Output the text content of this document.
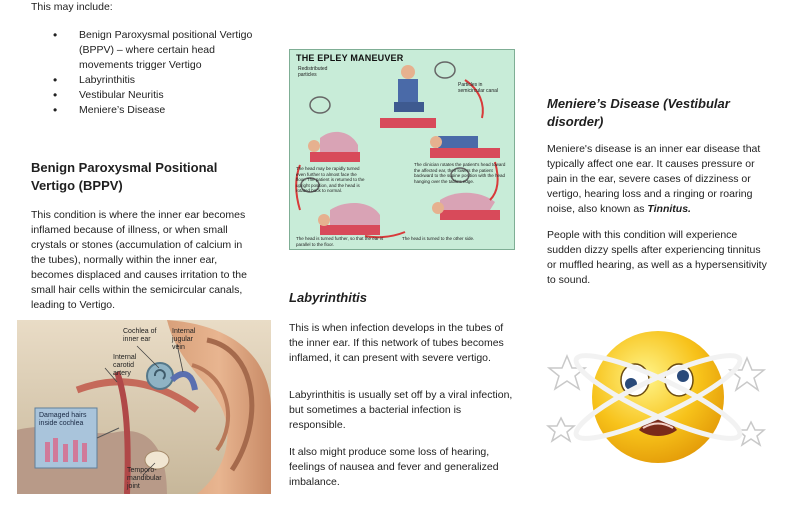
This may include:

• Benign Paroxysmal positional Vertigo (BPPV) – where certain head movements trigger Vertigo
• Labyrinthitis
• Vestibular Neuritis
• Meniere’s Disease
Benign Paroxysmal Positional Vertigo (BPPV)

This condition is where the inner ear becomes inflamed because of illness, or when small crystals or stones (accumulation of calcium in the tubes), normally within the inner ear, becomes displaced and causes irritation to the small hair cells within the semicircular canals, leading to Vertigo.

Cochlea of inner ear
Internal jugular vein
Internal carotid artery
Damaged hairs inside cochlea
Temporo- mandibular joint
THE EPLEY MANEUVER
Redistributed particles
Particles in semicircular canal
The head may be rapidly turned even further to almost face the floor. The patient is returned to the upright position, and the head is rotated back to normal.
The clinician rotates the patient's head toward the affected ear, then lowers the patient backward to the supine position with the head hanging over the table's edge.
The head is turned further, so that the ear is parallel to the floor.
The head is turned to the other side.
Labyrinthitis

This is when infection develops in the tubes of the inner ear. If this network of tubes becomes inflamed, it can present with severe vertigo.

Labyrinthitis is usually set off by a viral infection, but sometimes a bacterial infection is responsible.

It also might produce some loss of hearing, feelings of nausea and fever and generalized imbalance.

Meniere’s Disease (Vestibular disorder)

Meniere's disease is an inner ear disease that typically affect one ear. It causes pressure or pain in the ear, severe cases of dizziness or vertigo, hearing loss and a ringing or roaring noise, also known as Tinnitus.

People with this condition will experience sudden dizzy spells after experiencing tinnitus or muffled hearing, as well as a hypersensitivity to sound.
